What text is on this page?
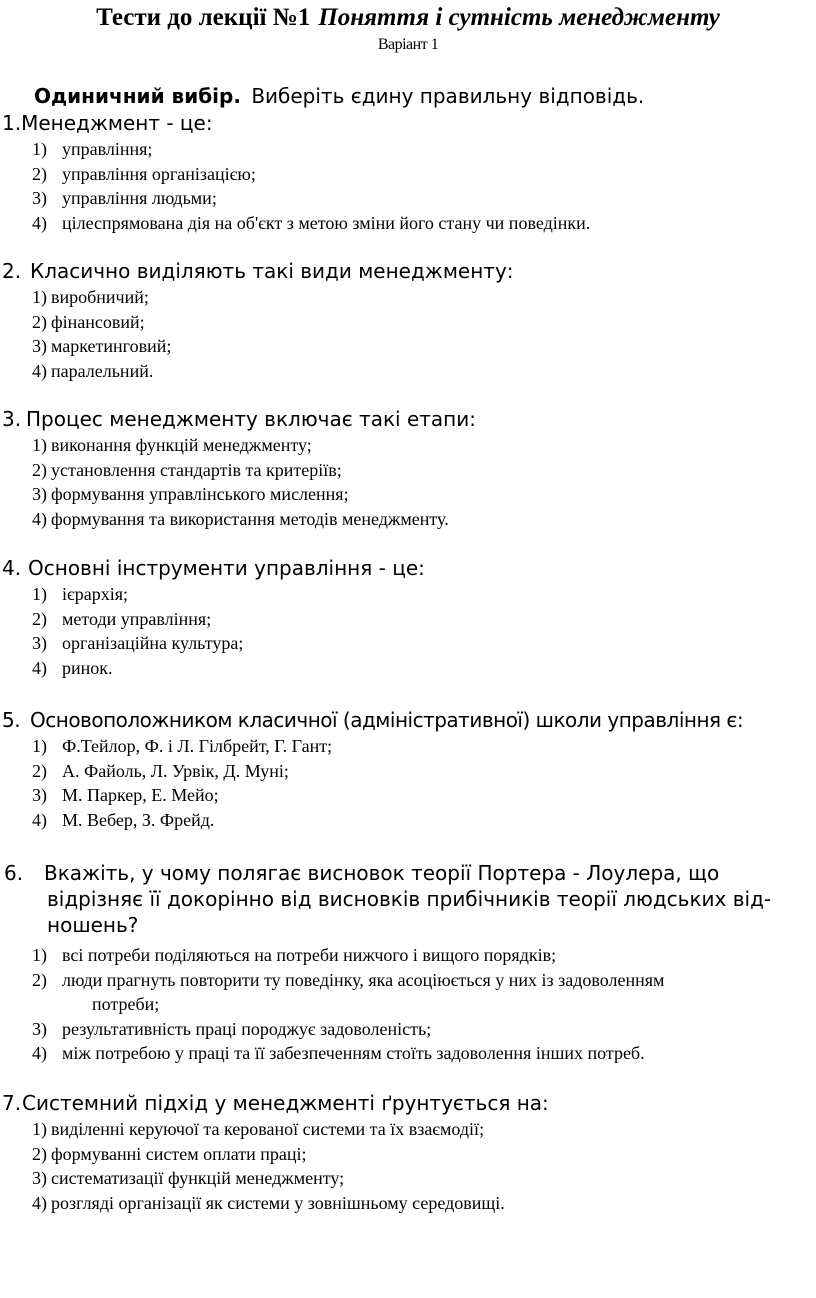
Тести до лекції №1 Поняття і сутність менеджменту
Варіант 1
Одиничний вибір. Виберіть єдину правильну відповідь.
1.Менеджмент - це:
1) управління;
2) управління організацією;
3) управління людьми;
4) цілеспрямована дія на об'єкт з метою зміни його стану чи поведінки.
2. Класично виділяють такі види менеджменту:
1) виробничий;
2) фінансовий;
3) маркетинговий;
4) паралельний.
3. Процес менеджменту включає такі етапи:
1) виконання функцій менеджменту;
2) установлення стандартів та критеріїв;
3) формування управлінського мислення;
4) формування та використання методів менеджменту.
4. Основні інструменти управління - це:
1) ієрархія;
2) методи управління;
3) організаційна культура;
4) ринок.
5. Основоположником класичної (адміністративної) школи управління є:
1) Ф.Тейлор, Ф. і Л. Гілбрейт, Г. Гант;
2) А. Файоль, Л. Урвік, Д. Муні;
3) М. Паркер, Е. Мейо;
4) М. Вебер, З. Фрейд.
6. Вкажіть, у чому полягає висновок теорії Портера - Лоулера, що
відрізняє її докорінно від висновків прибічників теорії людських від-
ношень?
1) всі потреби поділяються на потреби нижчого і вищого порядків;
2) люди прагнуть повторити ту поведінку, яка асоціюється у них із задоволенням
потреби;
3) результативність праці породжує задоволеність;
4) між потребою у праці та її забезпеченням стоїть задоволення інших потреб.
7.Системний підхід у менеджменті ґрунтується на:
1) виділенні керуючої та керованої системи та їх взаємодії;
2) формуванні систем оплати праці;
3) систематизації функцій менеджменту;
4) розгляді організації як системи у зовнішньому середовищі.
